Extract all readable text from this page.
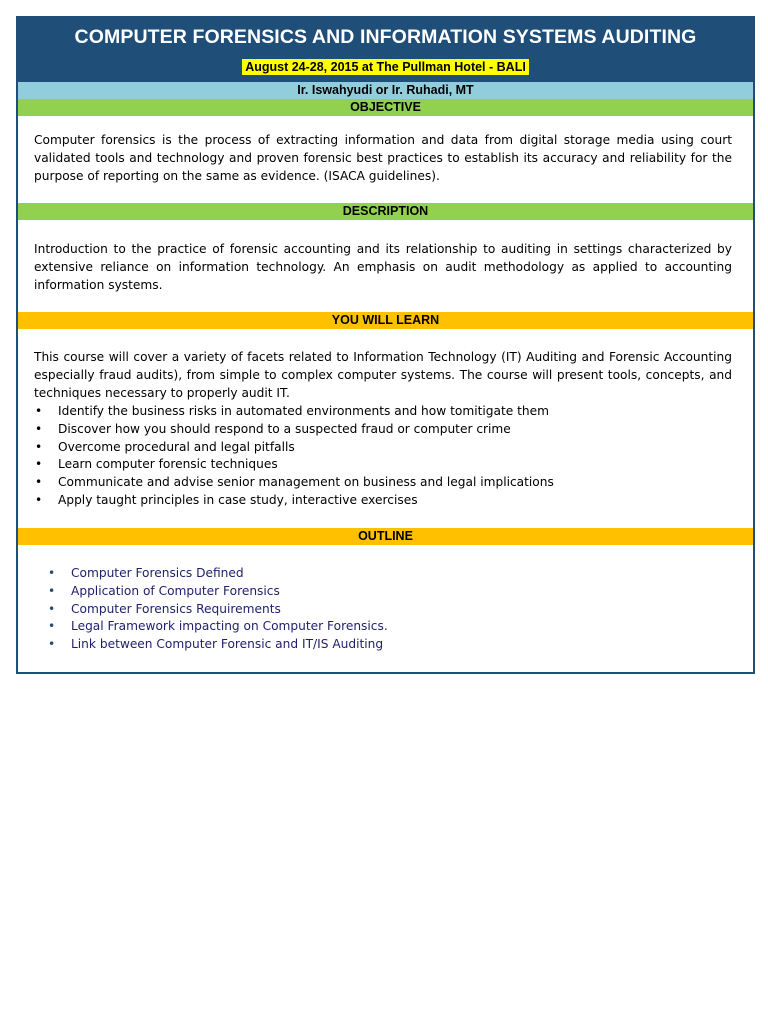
COMPUTER FORENSICS AND INFORMATION SYSTEMS AUDITING
August 24-28, 2015 at The Pullman Hotel - BALI
Ir. Iswahyudi or Ir. Ruhadi, MT
OBJECTIVE

Computer forensics is the process of extracting information and data from digital storage media using court validated tools and technology and proven forensic best practices to establish its accuracy and reliability for the purpose of reporting on the same as evidence. (ISACA guidelines).

DESCRIPTION

Introduction to the practice of forensic accounting and its relationship to auditing in settings characterized by extensive reliance on information technology. An emphasis on audit methodology as applied to accounting information systems.

YOU WILL LEARN

This course will cover a variety of facets related to Information Technology (IT) Auditing and Forensic Accounting especially fraud audits), from simple to complex computer systems. The course will present tools, concepts, and techniques necessary to properly audit IT.

• Identify the business risks in automated environments and how tomitigate them
• Discover how you should respond to a suspected fraud or computer crime
• Overcome procedural and legal pitfalls
• Learn computer forensic techniques
• Communicate and advise senior management on business and legal implications
• Apply taught principles in case study, interactive exercises
OUTLINE
• Computer Forensics Defined
• Application of Computer Forensics
• Computer Forensics Requirements
• Legal Framework impacting on Computer Forensics.
• Link between Computer Forensic and IT/IS Auditing
